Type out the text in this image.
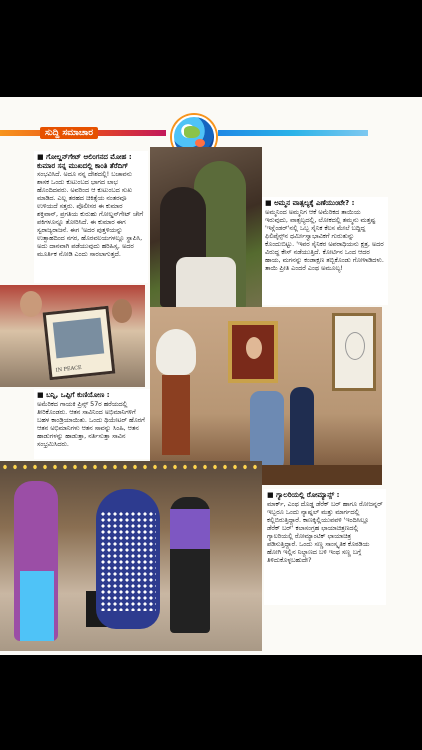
ಸುದ್ದಿ ಸಮಾಚಾರ
IN PEACE
■ ಗೋಲ್ಡನ್‌ಗೇಟ್ ಆಲಿಂಗನದ ಮೋಹ : ಕುಮಾರ ಸನ್ನ ಮುಖದಲ್ಲಿ ಕಾಂತಿ ತೆರೆದಿಗ್
ಸಂಭವಿಸಿದೆ. ಅದೂ ನನ್ನ ದೇಶದಲ್ಲಿ! ಬಚಾವನು ಶಾಸಕ ಒಂದು ಕುಟುಂಬದ ಭಾಗದ ಲಾಭ ಹೊಂದಿದವರು. ಅವರಿಂದ ಆ ಕುಟುಂಬದ ಸುಖ ಮಾಡಿದ. ಎಲ್ಲ ತರಹದ ಚಿಕಿತ್ಸೆಯ ನಂತರವೂ ಉಳಿಯದೆ ಸತ್ತರು. ಪೊಲೀಸರ ಈ ಕುಮಾರ ಶಕ್ತಿವಾನ್, ಪ್ರಗತಿಯ ಕುರುಹು ಗೋಲ್ಡನ್‌ಗೇಟ್ ಚೇಗೆ ಪಕಿಗಳೂನ್ನೂ ತೋರಿಸಿದೆ. ಈ ಕುಮಾರ ಈಗ ಸ್ವರಾಜ್ಯರಾಜನೆ. ಈಗ 'ಅದರ ಪುತ್ತಳಿಯನ್ನು ಉತ್ಸಾಹದಿಂದ ನಗರ, ಹೊರವಲಯಗಳಲ್ಲೂ ಸ್ಥಾಪಿಸಿ, ಅದು ದಾನವಾಗಿ ಪಡೆಯುವುದು ಹರಿಹಿಸ್ಸ, ಅದರ ಮೂರ್ತಿಕ ನೋಡಿ ಎಂದು ಸಾರಲಾಗುತ್ತದೆ.
■ ಅಮ್ಮನ ವಾತ್ಸಲ್ಯಕ್ಕೆ ಎಣೆಯುಂಟೇ? :
ಅಮ್ಮನಿಂದ ಅಮ್ಮನಿಗ ಆಕೆ ಅಮೆರಿಕದ ತಾಯಿಯ ಇರುವುದು, ವಾತ್ಸಲ್ಯದಲ್ಲಿ, ಲೋಕದಲ್ಲಿ ತಮ್ಮನು ಮತ್ತಷ್ಟ 'ಇಸ್ಲೆಂಡರ್'ನಲ್ಲಿ ಒಬ್ಬ ಸೈನಿಕ ಕೆಲಸ ಮೇಲೆ ಬದ್ದಿದ್ದ ಫಿಲಿಪೈನ್ಸ್‌ನ ಧರ್ಮೀಸ್ವಾಭಾವಿಕಗೆ ಗುರುತುನ್ನು ಕೊಂದುಬಿಟ್ಟು. 'ಇವರ ಸೈನಿಕರ ಅಪರಾಧಿಯನು ಕ್ಷತ್ರ, ಅದರ ವಿರುದ್ಧ ಕೇಸ್ ನಡೆಯುತ್ತಿದೆ. ಕೋರ್ಟಿನ ಒಂದ ಆದರ ಹಾಯ, ಮಗನನ್ನು ಕಂಡಾಕ್ಷಣ ತಬ್ಬಿಕೊಂಡು ಗೋಳಾಡಿದಳು. ತಾಯಿ ಪ್ರೀತಿ ಎಂದರೆ ಎಂಥ ಅಮೂಲ್ಯ!
■ ಬನ್ನಿ, ಒಪ್ಪಿಗೆ ಕುಣಿಯೋಣ :
ಅಮೆರಿಕದ ಗಾಯಕಿ ಪ್ರಿನ್ಸ್ 57ರ ಹರೆಯದಲ್ಲಿ ತೀರಿಕೊಂಡರು. ಆತನ ಸಾವಿನಿಂದ ಅಭಿಮಾನಿಗಳಿಗೆ ಬಹಳ ಕಾಂಡ್ರಿಯಾಯಿತು. ಒಂದು ಥಿಯೇಟರ್ ಹೊರಗೆ ಆತನ ಅಭಿಮಾನಿಗಳು ಆತನ ಸಾವನ್ನು ಸಿಂಹಿ, ಆತನ ಹಾಡುಗಳನ್ನು ಹಾಡುತ್ತಾ, ನರ್ತಿಸುತ್ತಾ ಸಾವಿನ ಸಂಭ್ರಮಿಸಿದರು.
■ ಗ್ಯಾಲರಿಯಲ್ಲಿ ರೋಮ್ಯಾನ್ಸ್ :
ಮಾರ್ಕ್, ಎಂಥ ದೊಡ್ಡ ಡೆರೆಕ್ ಬರ್ ಹಾಗೂ ರೋಜನ್ನರ್ ಇಬ್ಬರೂ ಒಂದು ನ್ಯಾಷ್ನಲ್ ಮತ್ತು ಮಾರ್ಗದಲ್ಲಿ ಕಲ್ಲಿಬಿರುತ್ತಿದ್ದಾರೆ. ಕಾಣಕ್ಕಿಲ್ಲಿಯುವವಳಿ 'ಇಂದಿಸಿಲ್ಲೂ ಡೆರೆಕ್ ಬರ್' ಕಲಾಸಂಗ್ರಹ ಛಾಯಾಚಿತ್ರಣದಲ್ಲಿ ಗ್ಯಾಲರಿಯಲ್ಲಿ ರೋಮ್ಯಾಂಟಿಕ್ ಛಾಯಾಚಿತ್ರ ಪಡಿಸುತ್ತಿದ್ದಾರೆ. ಒಂದು ಸಣ್ಣ ಸಾಂಸ್ಕೃತಿಕ ಕೊಠಡಿಯ ಹೋಗಿ ಇಲ್ಲಿನ ನಿಲ್ದಾಣದ ಬಳಿ ಇಂಥ ಸಣ್ಣ ಬಗ್ಗೆ ತಿಳಿದುಕೊಳ್ಳಬಹುದೇ?
